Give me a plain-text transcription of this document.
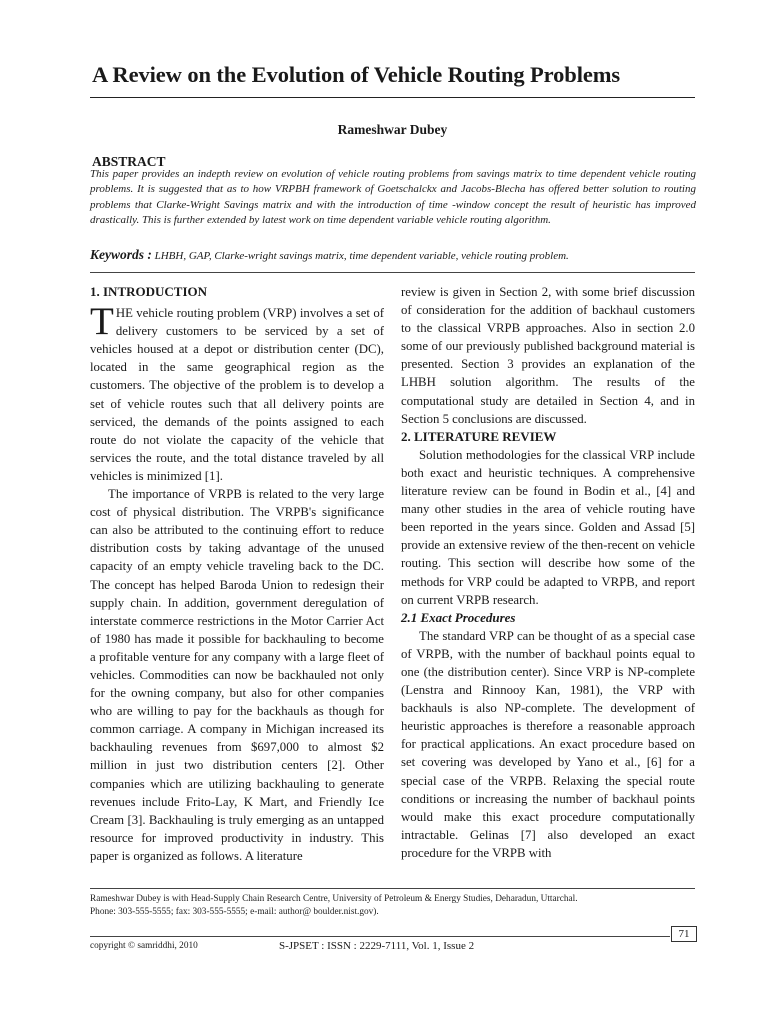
A Review on the Evolution of Vehicle Routing Problems
Rameshwar Dubey
ABSTRACT
This paper provides an indepth review on evolution of vehicle routing problems from savings matrix to time dependent vehicle routing problems. It is suggested that as to how VRPBH framework of Goetschalckx and Jacobs-Blecha has offered better solution to routing problems that Clarke-Wright Savings matrix and with the introduction of time -window concept the result of heuristic has improved drastically. This is further extended by latest work on time dependent variable vehicle routing algorithm.
Keywords : LHBH, GAP, Clarke-wright savings matrix, time dependent variable, vehicle routing problem.
1. INTRODUCTION

THE vehicle routing problem (VRP) involves a set of delivery customers to be serviced by a set of vehicles housed at a depot or distribution center (DC), located in the same geographical region as the customers. The objective of the problem is to develop a set of vehicle routes such that all delivery points are serviced, the demands of the points assigned to each route do not violate the capacity of the vehicle that services the route, and the total distance traveled by all vehicles is minimized [1].

The importance of VRPB is related to the very large cost of physical distribution. The VRPB's significance can also be attributed to the continuing effort to reduce distribution costs by taking advantage of the unused capacity of an empty vehicle traveling back to the DC. The concept has helped Baroda Union to redesign their supply chain. In addition, government deregulation of interstate commerce restrictions in the Motor Carrier Act of 1980 has made it possible for backhauling to become a profitable venture for any company with a large fleet of vehicles. Commodities can now be backhauled not only for the owning company, but also for other companies who are willing to pay for the backhauls as though for common carriage. A company in Michigan increased its backhauling revenues from $697,000 to almost $2 million in just two distribution centers [2]. Other companies which are utilizing backhauling to generate revenues include Frito-Lay, K Mart, and Friendly Ice Cream [3]. Backhauling is truly emerging as an untapped resource for improved productivity in industry. This paper is organized as follows. A literature

review is given in Section 2, with some brief discussion of consideration for the addition of backhaul customers to the classical VRPB approaches. Also in section 2.0 some of our previously published background material is presented. Section 3 provides an explanation of the LHBH solution algorithm. The results of the computational study are detailed in Section 4, and in Section 5 conclusions are discussed.

2. LITERATURE REVIEW

Solution methodologies for the classical VRP include both exact and heuristic techniques. A comprehensive literature review can be found in Bodin et al., [4] and many other studies in the area of vehicle routing have been reported in the years since. Golden and Assad [5] provide an extensive review of the then-recent on vehicle routing. This section will describe how some of the methods for VRP could be adapted to VRPB, and report on current VRPB research.

2.1 Exact Procedures

The standard VRP can be thought of as a special case of VRPB, with the number of backhaul points equal to one (the distribution center). Since VRP is NP-complete (Lenstra and Rinnooy Kan, 1981), the VRP with backhauls is also NP-complete. The development of heuristic approaches is therefore a reasonable approach for practical applications. An exact procedure based on set covering was developed by Yano et al., [6] for a special case of the VRPB. Relaxing the special route conditions or increasing the number of backhaul points would make this exact procedure computationally intractable. Gelinas [7] also developed an exact procedure for the VRPB with

Rameshwar Dubey is with Head-Supply Chain Research Centre, University of Petroleum & Energy Studies, Deharadun, Uttarchal.
Phone: 303-555-5555; fax: 303-555-5555; e-mail: author@ boulder.nist.gov).
71
copyright © samriddhi, 2010	S-JPSET : ISSN : 2229-7111, Vol. 1, Issue 2
